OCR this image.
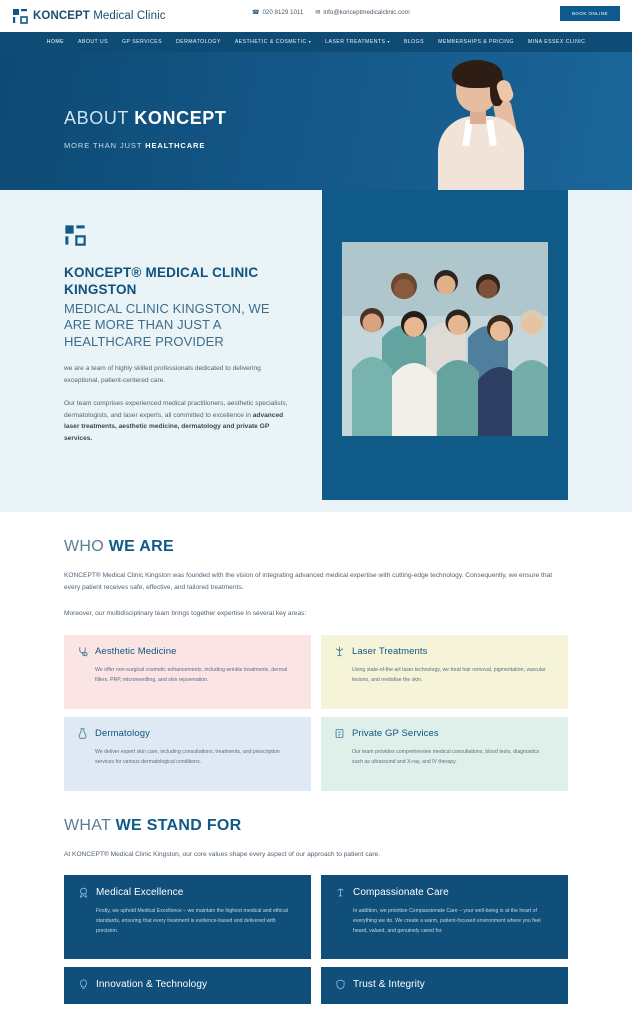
KONCEPT Medical Clinic	☎ 020 8129 1011 ✉ info@konceptmedicalclinic.com	BOOK ONLINE
HOME	ABOUT US	GP SERVICES	DERMATOLOGY	AESTHETIC & COSMETIC ▾	LASER TREATMENTS ▾	BLOGS	MEMBERSHIPS & PRICING	MINA ESSEX CLINIC
ABOUT KONCEPT
MORE THAN JUST HEALTHCARE
KONCEPT® MEDICAL CLINIC KINGSTON
MEDICAL CLINIC KINGSTON, WE ARE MORE THAN JUST A HEALTHCARE PROVIDER

we are a team of highly skilled professionals dedicated to delivering exceptional, patient-centered care.

Our team comprises experienced medical practitioners, aesthetic specialists, dermatologists, and laser experts, all committed to excellence in advanced laser treatments, aesthetic medicine, dermatology and private GP services.

WHO WE ARE

KONCEPT® Medical Clinic Kingston was founded with the vision of integrating advanced medical expertise with cutting-edge technology. Consequently, we ensure that every patient receives safe, effective, and tailored treatments.

Moreover, our multidisciplinary team brings together expertise in several key areas:

Aesthetic Medicine

We offer non-surgical cosmetic enhancements, including wrinkle treatments, dermal fillers, PRP, microneedling, and skin rejuvenation.

Laser Treatments

Using state-of-the-art laser technology, we treat hair removal, pigmentation, vascular lesions, and revitalise the skin.

Dermatology

We deliver expert skin care, including consultations, treatments, and prescription services for various dermatological conditions.

Private GP Services

Our team provides comprehensive medical consultations, blood tests, diagnostics such as ultrasound and X-ray, and IV therapy.

WHAT WE STAND FOR

At KONCEPT® Medical Clinic Kingston, our core values shape every aspect of our approach to patient care.

Medical Excellence

Firstly, we uphold Medical Excellence – we maintain the highest medical and ethical standards, ensuring that every treatment is evidence-based and delivered with precision.

Compassionate Care

In addition, we prioritise Compassionate Care – your well-being is at the heart of everything we do. We create a warm, patient-focused environment where you feel heard, valued, and genuinely cared for.

Innovation & Technology	Trust & Integrity
